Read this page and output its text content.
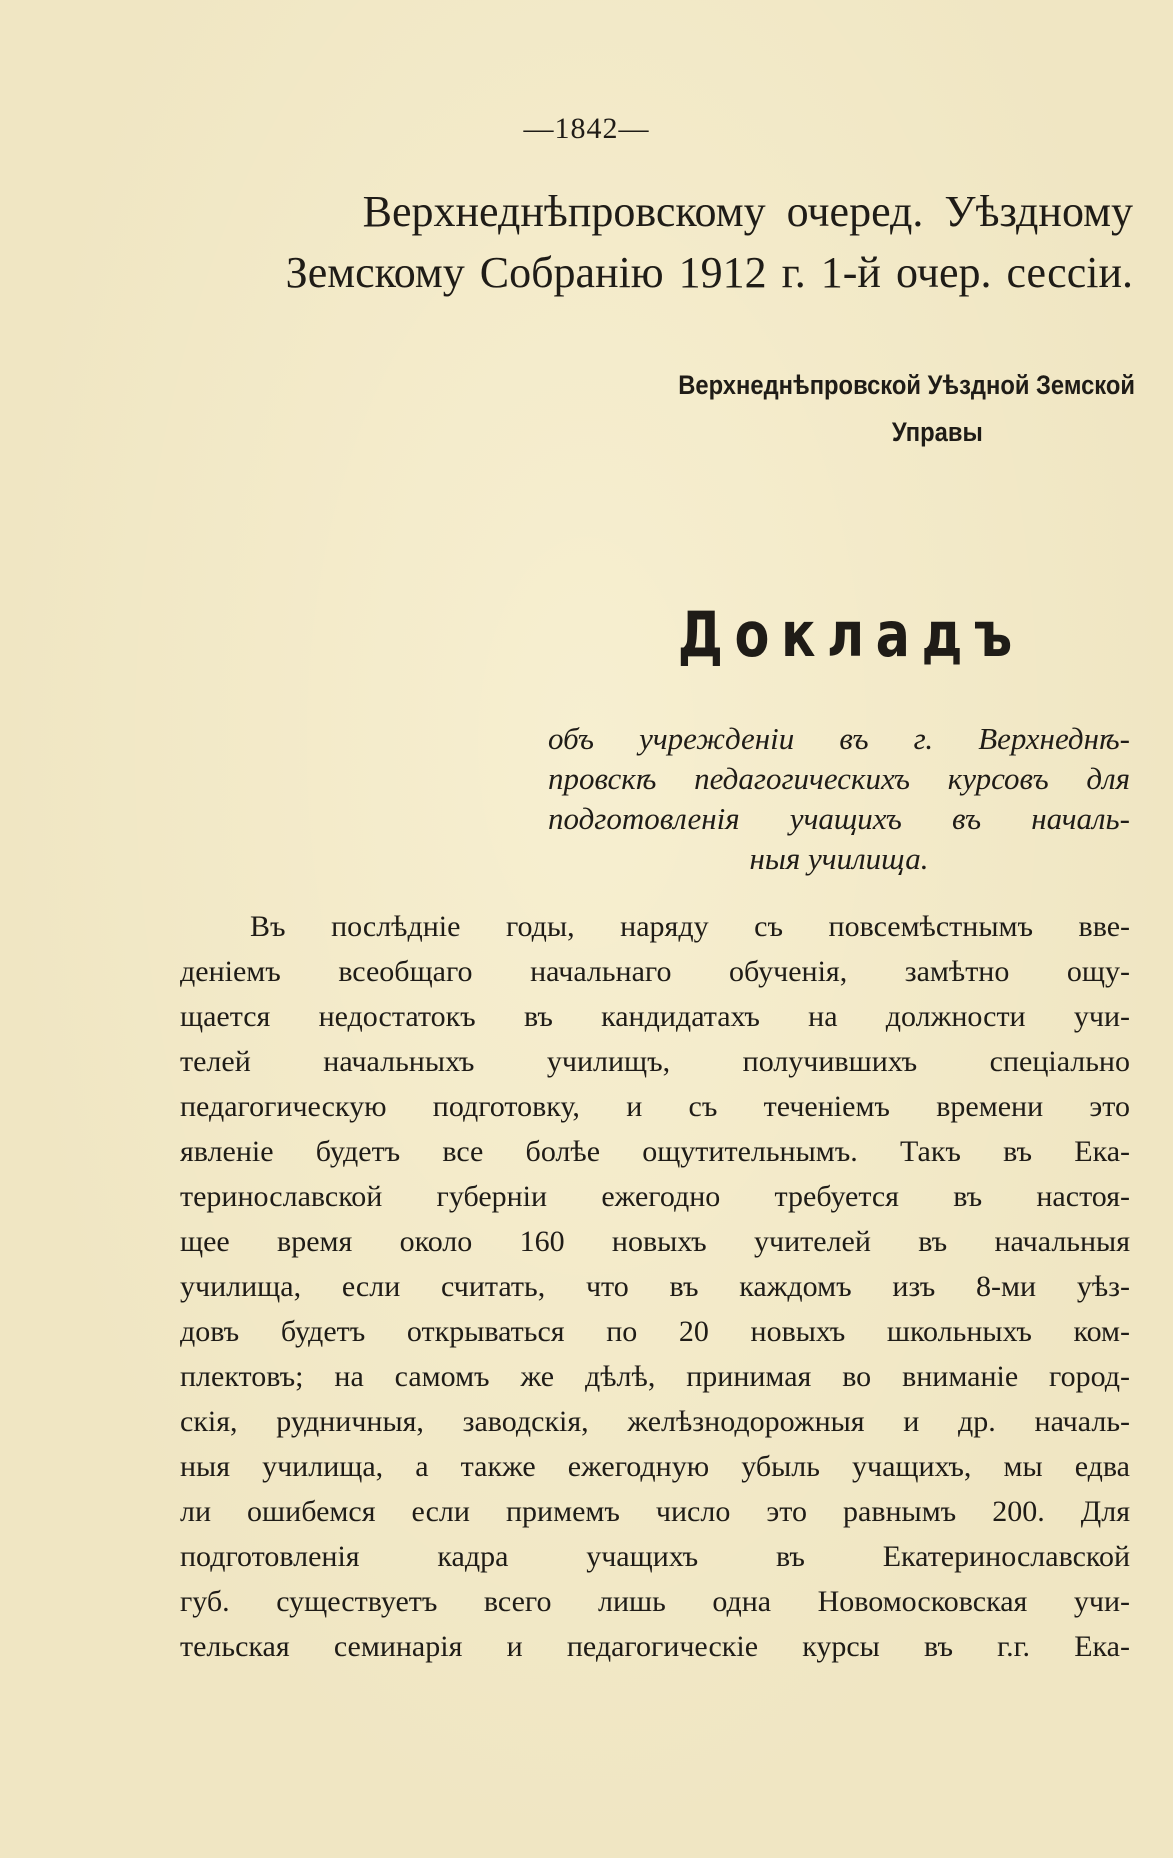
—1842—
Верхнеднѣпровскому очеред. Уѣздному
Земскому Собранію 1912 г. 1-й очер. сессіи.
Верхнеднѣпровской Уѣздной Земской
Управы
Докладъ
объ учрежденіи въ г. Верхнеднѣ-
провскѣ педагогическихъ курсовъ для
подготовленія учащихъ въ началь-
ныя училища.
Въ послѣдніе годы, наряду съ повсемѣстнымъ вве-
деніемъ всеобщаго начальнаго обученія, замѣтно ощу-
щается недостатокъ въ кандидатахъ на должности учи-
телей начальныхъ училищъ, получившихъ спеціально
педагогическую подготовку, и съ теченіемъ времени это
явленіе будетъ все болѣе ощутительнымъ. Такъ въ Ека-
теринославской губерніи ежегодно требуется въ настоя-
щее время около 160 новыхъ учителей въ начальныя
училища, если считать, что въ каждомъ изъ 8-ми уѣз-
довъ будетъ открываться по 20 новыхъ школьныхъ ком-
плектовъ; на самомъ же дѣлѣ, принимая во вниманіе город-
скія, рудничныя, заводскія, желѣзнодорожныя и др. началь-
ныя училища, а также ежегодную убыль учащихъ, мы едва
ли ошибемся если примемъ число это равнымъ 200. Для
подготовленія кадра учащихъ въ Екатеринославской
губ. существуетъ всего лишь одна Новомосковская учи-
тельская семинарія и педагогическіе курсы въ г.г. Ека-
